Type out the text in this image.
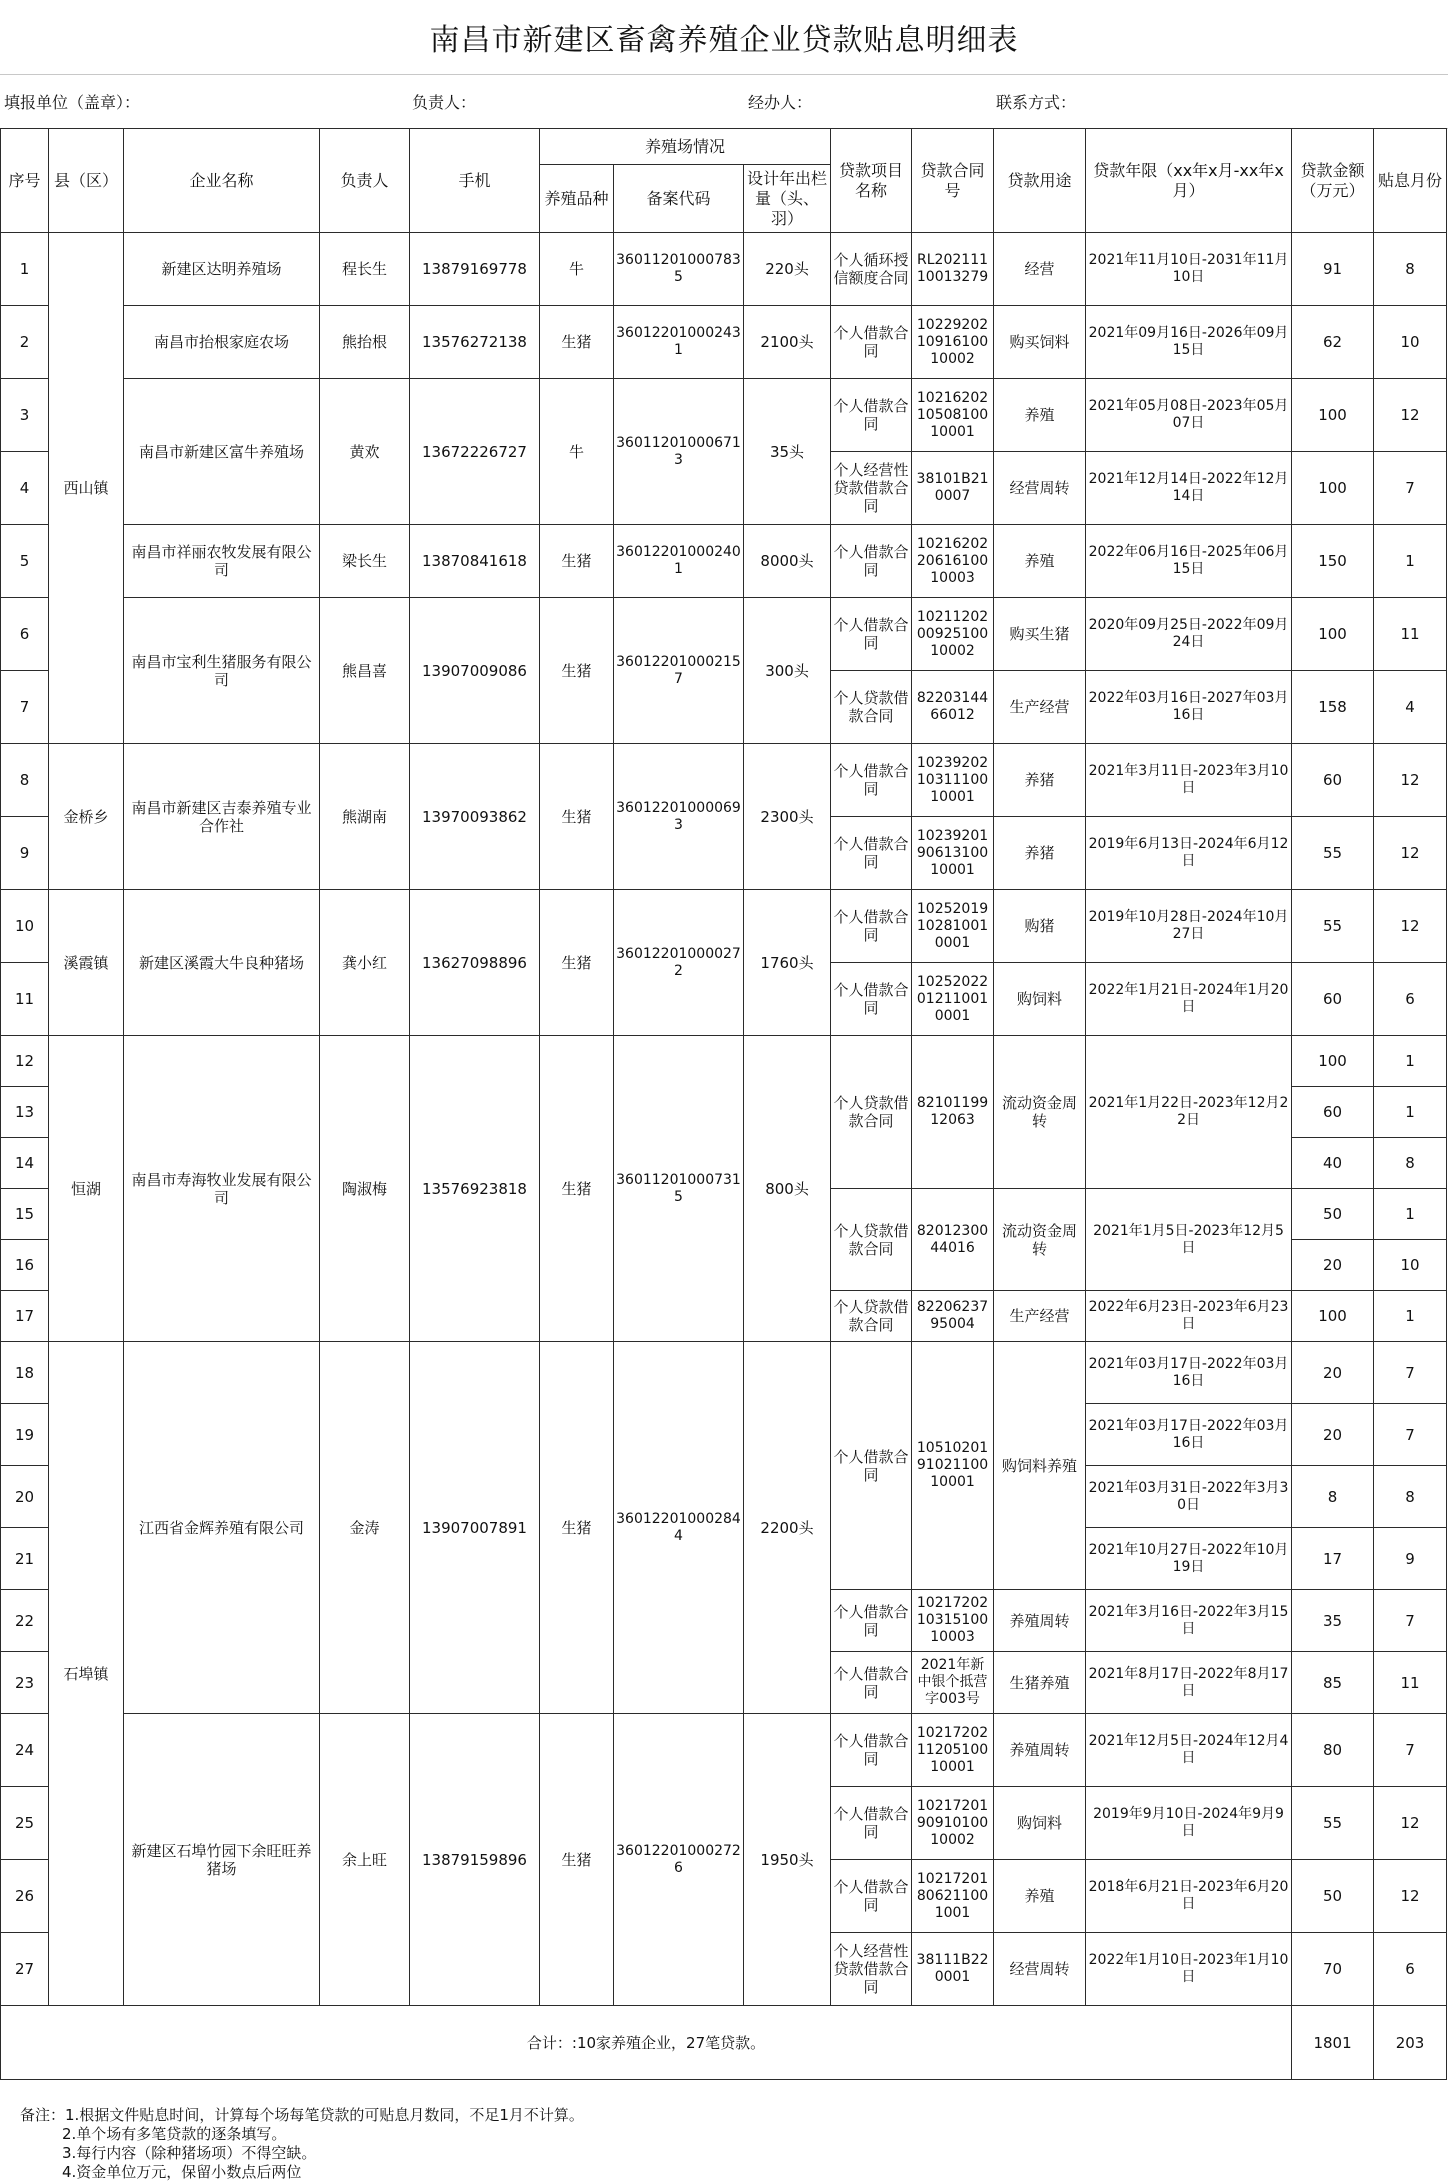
南昌市新建区畜禽养殖企业贷款贴息明细表
填报单位（盖章）：	负责人：	经办人：	联系方式：
序号	县（区）	企业名称	负责人	手机	养殖场情况			贷款项目名称	贷款合同号	贷款用途	贷款年限（xx年x月-xx年x月）	贷款金额（万元）	贴息月份
					养殖品种	备案代码	设计年出栏量（头、羽）						
1	西山镇	新建区达明养殖场	程长生	13879169778	牛	360112010007835	220头	个人循环授信额度合同	RL20211110013279	经营	2021年11月10日-2031年11月10日	91	8
2		南昌市抬根家庭农场	熊抬根	13576272138	生猪	360122010002431	2100头	个人借款合同	102292021091610010002	购买饲料	2021年09月16日-2026年09月15日	62	10
3		南昌市新建区富牛养殖场	黄欢	13672226727	牛	360112010006713	35头	个人借款合同	102162021050810010001	养殖	2021年05月08日-2023年05月07日	100	12
4								个人经营性贷款借款合同	38101B210007	经营周转	2021年12月14日-2022年12月14日	100	7
5		南昌市祥丽农牧发展有限公司	梁长生	13870841618	生猪	360122010002401	8000头	个人借款合同	102162022061610010003	养殖	2022年06月16日-2025年06月15日	150	1
6		南昌市宝利生猪服务有限公司	熊昌喜	13907009086	生猪	360122010002157	300头	个人借款合同	102112020092510010002	购买生猪	2020年09月25日-2022年09月24日	100	11
7								个人贷款借款合同	8220314466012	生产经营	2022年03月16日-2027年03月16日	158	4
8	金桥乡	南昌市新建区吉泰养殖专业合作社	熊湖南	13970093862	生猪	360122010000693	2300头	个人借款合同	102392021031110010001	养猪	2021年3月11日-2023年3月10日	60	12
9								个人借款合同	102392019061310010001	养猪	2019年6月13日-2024年6月12日	55	12
10	溪霞镇	新建区溪霞大牛良种猪场	龚小红	13627098896	生猪	360122010000272	1760头	个人借款合同	102520191028100100​01	购猪	2019年10月28日-2024年10月27日	55	12
11								个人借款合同	10252022012110010001	购饲料	2022年1月21日-2024年1月20日	60	6
12	恒湖	南昌市寿海牧业发展有限公司	陶淑梅	13576923818	生猪	360112010007315	800头	个人贷款借款合同	8210119912063	流动资金周转	2021年1月22日-2023年12月22日	100	1
13												60	1
14												40	8
15								个人贷款借款合同	8201230044016	流动资金周转	2021年1月5日-2023年12月5日	50	1
16												20	10
17								个人贷款借款合同	8220623795004	生产经营	2022年6月23日-2023年6月23日	100	1
18	石埠镇	江西省金辉养殖有限公司	金涛	13907007891	生猪	360122010002844	2200头	个人借款合同	105102019102110010001	购饲料养殖	2021年03月17日-2022年03月16日	20	7
19											2021年03月17日-2022年03月16日	20	7
20											2021年03月31日-2022年3月30日	8	8
21											2021年10月27日-2022年10月19日	17	9
22								个人借款合同	102172021031510010003	养殖周转	2021年3月16日-2022年3月15日	35	7
23								个人借款合同	2021年新中银个抵营字003号	生猪养殖	2021年8月17日-2022年8月17日	85	11
24		新建区石埠竹园下余旺旺养猪场	余上旺	13879159896	生猪	360122010002726	1950头	个人借款合同	102172021120510010001	养殖周转	2021年12月5日-2024年12月4日	80	7
25								个人借款合同	102172019091010010002	购饲料	2019年9月10日-2024年9月9日	55	12
26								个人借款合同	10217201806211001001	养殖	2018年6月21日-2023年6月20日	50	12
27								个人经营性贷款借款合同	38111B220001	经营周转	2022年1月10日-2023年1月10日	70	6
合计：:10家养殖企业，27笔贷款。												1801	203
备注：1.根据文件贴息时间，计算每个场每笔贷款的可贴息月数同，不足1月不计算。
2.单个场有多笔贷款的逐条填写。
3.每行内容（除种猪场项）不得空缺。
4.资金单位万元，保留小数点后两位
